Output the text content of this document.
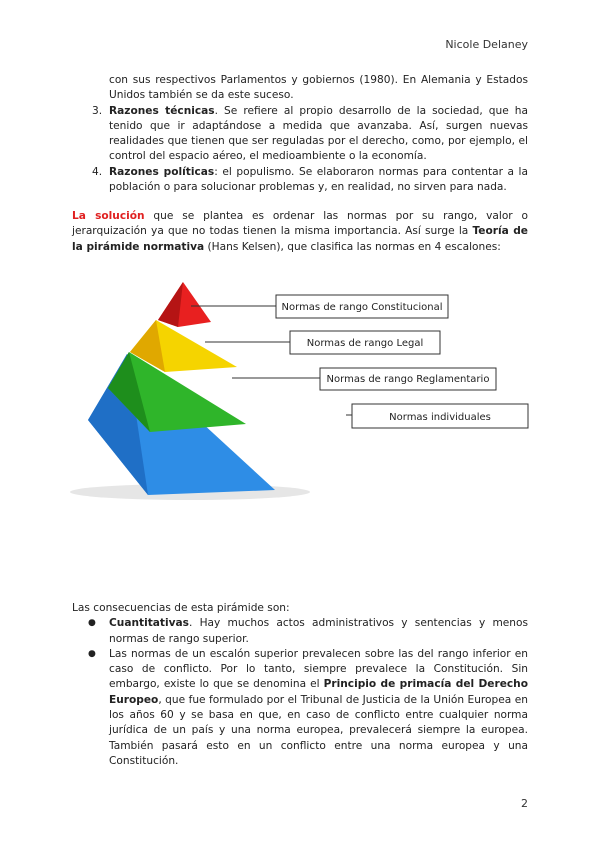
Nicole Delaney
con sus respectivos Parlamentos y gobiernos (1980). En Alemania y Estados Unidos también se da este suceso.
3. Razones técnicas. Se refiere al propio desarrollo de la sociedad, que ha tenido que ir adaptándose a medida que avanzaba. Así, surgen nuevas realidades que tienen que ser reguladas por el derecho, como, por ejemplo, el control del espacio aéreo, el medioambiente o la economía.
4. Razones políticas: el populismo. Se elaboraron normas para contentar a la población o para solucionar problemas y, en realidad, no sirven para nada.
La solución que se plantea es ordenar las normas por su rango, valor o jerarquización ya que no todas tienen la misma importancia. Así surge la Teoría de la pirámide normativa (Hans Kelsen), que clasifica las normas en 4 escalones:
Normas de rango Constitucional
Normas de rango Legal
Normas de rango Reglamentario
Normas individuales
Las consecuencias de esta pirámide son:
● Cuantitativas. Hay muchos actos administrativos y sentencias y menos normas de rango superior.
● Las normas de un escalón superior prevalecen sobre las del rango inferior en caso de conflicto. Por lo tanto, siempre prevalece la Constitución. Sin embargo, existe lo que se denomina el Principio de primacía del Derecho Europeo, que fue formulado por el Tribunal de Justicia de la Unión Europea en los años 60 y se basa en que, en caso de conflicto entre cualquier norma jurídica de un país y una norma europea, prevalecerá siempre la europea. También pasará esto en un conflicto entre una norma europea y una Constitución.
2
